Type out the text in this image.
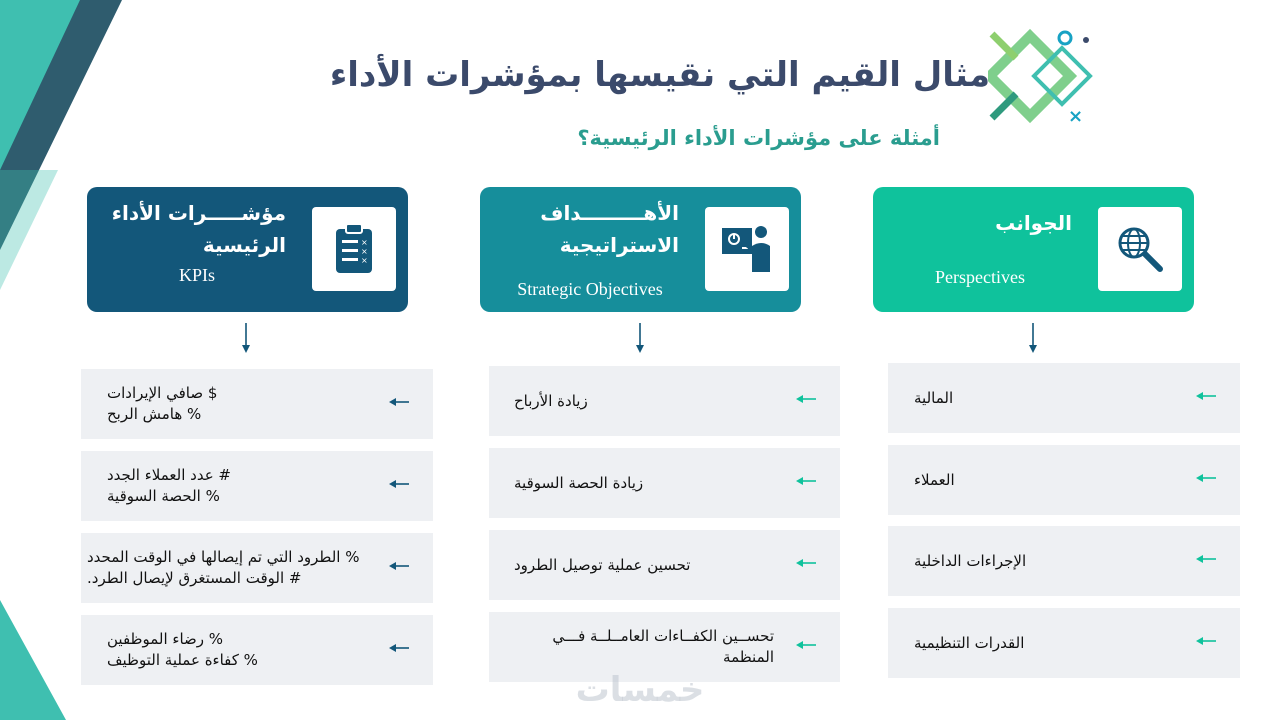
×
مثال القيم التي نقيسها بمؤشرات الأداء
أمثلة على مؤشرات الأداء الرئيسية؟
مؤشـــــرات الأداء الرئيسية
KPIs
×
×
×
الأهـــــــــداف الاستراتيجية
Strategic Objectives
الجوانب
Perspectives
$ صافي الإيرادات
% هامش الربح
# عدد العملاء الجدد
% الحصة السوقية
% الطرود التي تم إيصالها في الوقت المحدد
# الوقت المستغرق لإيصال الطرد.
% رضاء الموظفين
% كفاءة عملية التوظيف
زيادة الأرباح
زيادة الحصة السوقية
تحسين عملية توصيل الطرود
تحســين الكفــاءات العامــلــة فـــي المنظمة
المالية
العملاء
الإجراءات الداخلية
القدرات التنظيمية
خمسات
